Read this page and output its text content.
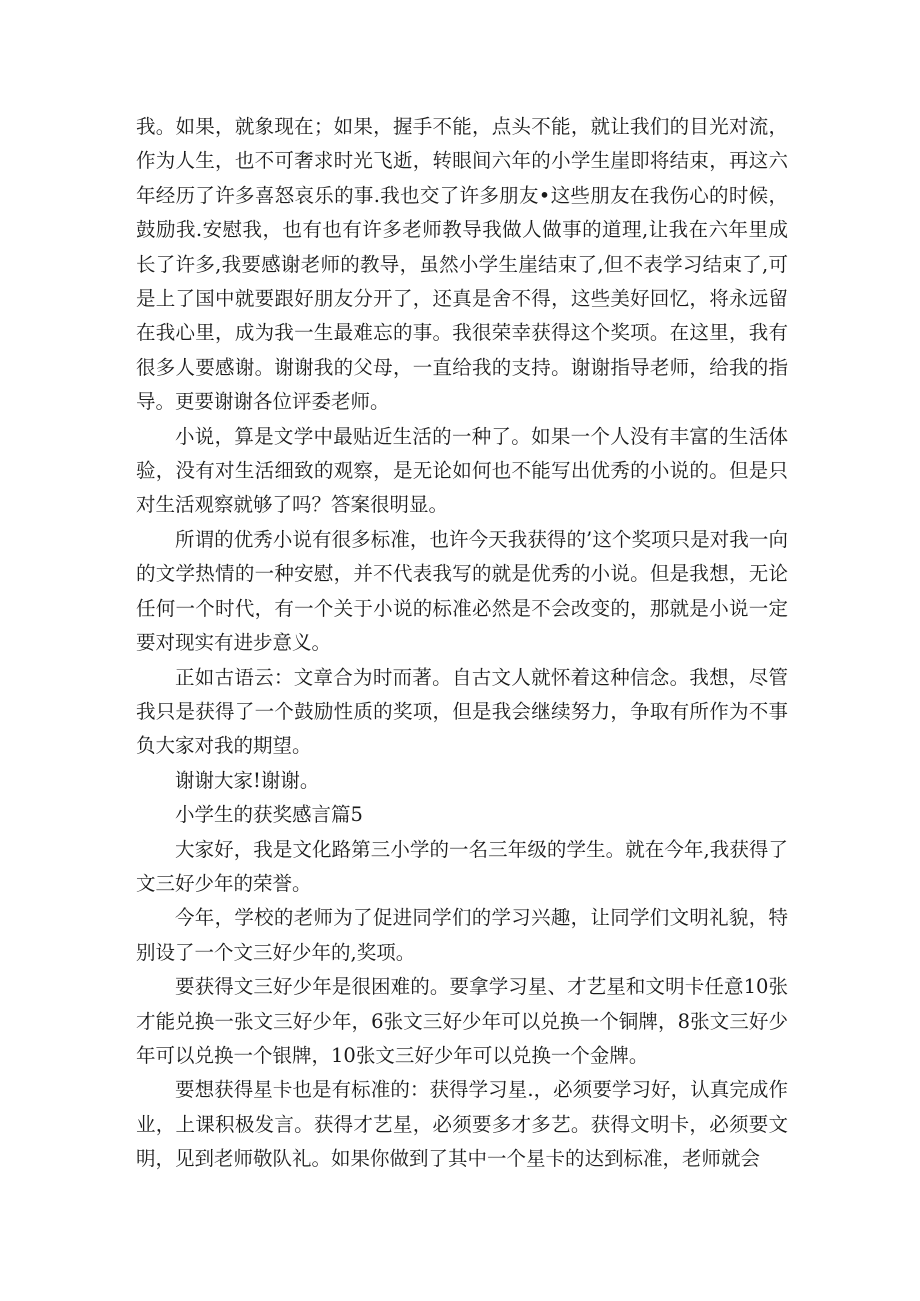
我。如果，就象现在；如果，握手不能，点头不能，就让我们的目光对流，作为人生，也不可奢求时光飞逝，转眼间六年的小学生崖即将结束，再这六年经历了许多喜怒哀乐的事.我也交了许多朋友•这些朋友在我伤心的时候，鼓励我.安慰我，也有也有许多老师教导我做人做事的道理,让我在六年里成长了许多,我要感谢老师的教导，虽然小学生崖结束了,但不表学习结束了,可是上了国中就要跟好朋友分开了，还真是舍不得，这些美好回忆，将永远留在我心里，成为我一生最难忘的事。我很荣幸获得这个奖项。在这里，我有很多人要感谢。谢谢我的父母，一直给我的支持。谢谢指导老师，给我的指导。更要谢谢各位评委老师。

小说，算是文学中最贴近生活的一种了。如果一个人没有丰富的生活体验，没有对生活细致的观察，是无论如何也不能写出优秀的小说的。但是只对生活观察就够了吗？答案很明显。

所谓的优秀小说有很多标准，也许今天我获得的’这个奖项只是对我一向的文学热情的一种安慰，并不代表我写的就是优秀的小说。但是我想，无论任何一个时代，有一个关于小说的标准必然是不会改变的，那就是小说一定要对现实有进步意义。

正如古语云：文章合为时而著。自古文人就怀着这种信念。我想，尽管我只是获得了一个鼓励性质的奖项，但是我会继续努力，争取有所作为不事负大家对我的期望。

谢谢大家!谢谢。

小学生的获奖感言篇5

大家好，我是文化路第三小学的一名三年级的学生。就在今年,我获得了文三好少年的荣誉。

今年，学校的老师为了促进同学们的学习兴趣，让同学们文明礼貌，特别设了一个文三好少年的,奖项。

要获得文三好少年是很困难的。要拿学习星、才艺星和文明卡任意10张才能兑换一张文三好少年，6张文三好少年可以兑换一个铜牌，8张文三好少年可以兑换一个银牌，10张文三好少年可以兑换一个金牌。

要想获得星卡也是有标准的：获得学习星.，必须要学习好，认真完成作业，上课积极发言。获得才艺星，必须要多才多艺。获得文明卡，必须要文明，见到老师敬队礼。如果你做到了其中一个星卡的达到标准，老师就会
